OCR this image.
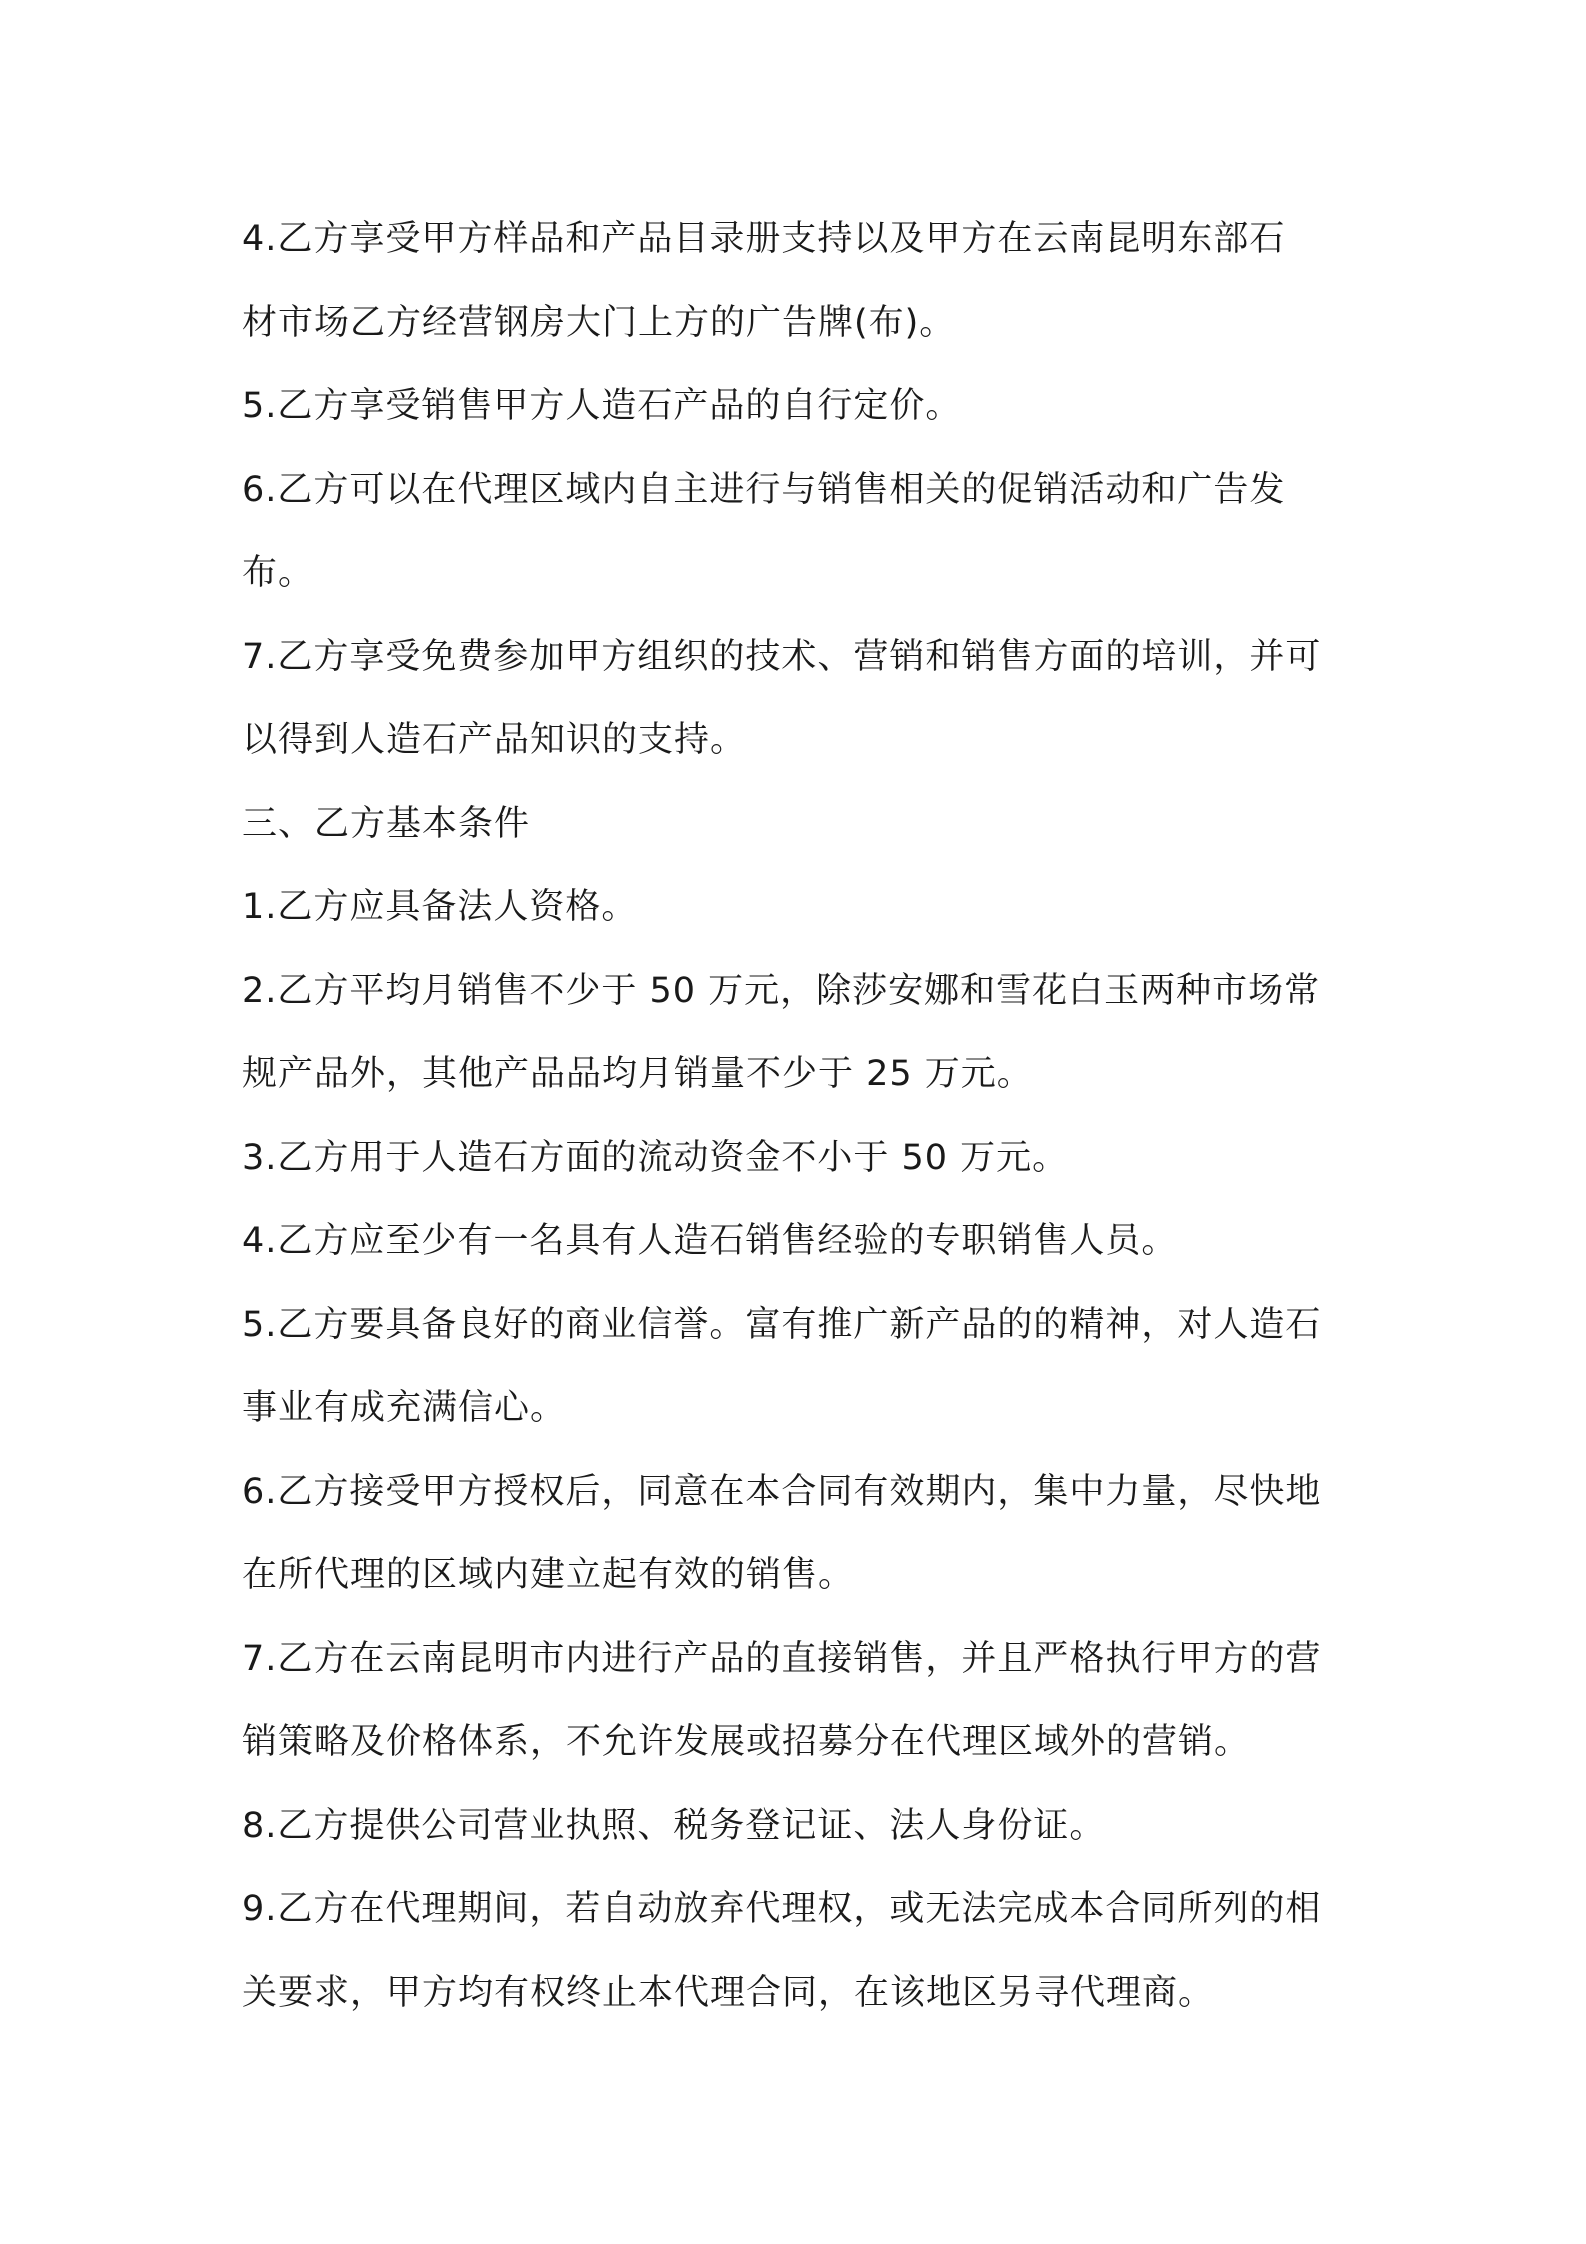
4.乙方享受甲方样品和产品目录册支持以及甲方在云南昆明东部石
材市场乙方经营钢房大门上方的广告牌(布)。
5.乙方享受销售甲方人造石产品的自行定价。
6.乙方可以在代理区域内自主进行与销售相关的促销活动和广告发
布。
7.乙方享受免费参加甲方组织的技术、营销和销售方面的培训，并可
以得到人造石产品知识的支持。
三、乙方基本条件
1.乙方应具备法人资格。
2.乙方平均月销售不少于 50 万元，除莎安娜和雪花白玉两种市场常
规产品外，其他产品品均月销量不少于 25 万元。
3.乙方用于人造石方面的流动资金不小于 50 万元。
4.乙方应至少有一名具有人造石销售经验的专职销售人员。
5.乙方要具备良好的商业信誉。富有推广新产品的的精神，对人造石
事业有成充满信心。
6.乙方接受甲方授权后，同意在本合同有效期内，集中力量，尽快地
在所代理的区域内建立起有效的销售。
7.乙方在云南昆明市内进行产品的直接销售，并且严格执行甲方的营
销策略及价格体系，不允许发展或招募分在代理区域外的营销。
8.乙方提供公司营业执照、税务登记证、法人身份证。
9.乙方在代理期间，若自动放弃代理权，或无法完成本合同所列的相
关要求，甲方均有权终止本代理合同，在该地区另寻代理商。
